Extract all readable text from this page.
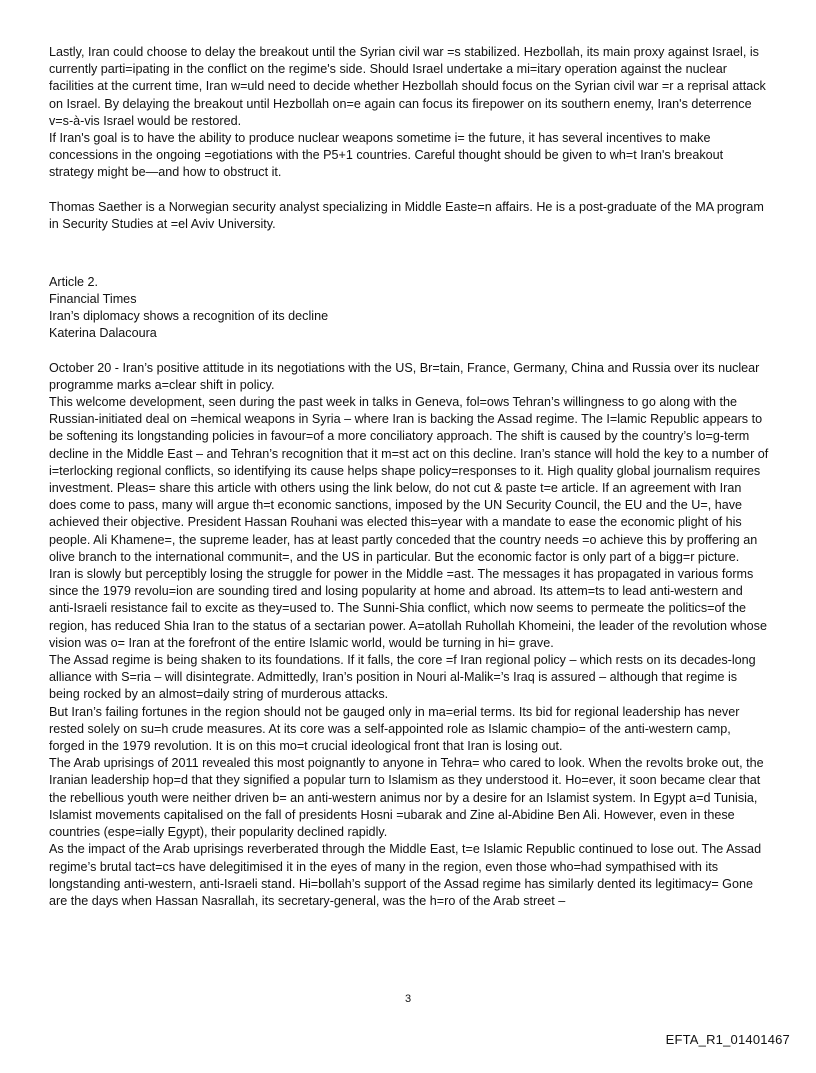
Lastly, Iran could choose to delay the breakout until the Syrian civil war =s stabilized. Hezbollah, its main proxy against Israel, is currently parti=ipating in the conflict on the regime's side. Should Israel undertake a mi=itary operation against the nuclear facilities at the current time, Iran w=uld need to decide whether Hezbollah should focus on the Syrian civil war =r a reprisal attack on Israel. By delaying the breakout until Hezbollah on=e again can focus its firepower on its southern enemy, Iran's deterrence v=s-à-vis Israel would be restored.

If Iran's goal is to have the ability to produce nuclear weapons sometime i= the future, it has several incentives to make concessions in the ongoing =egotiations with the P5+1 countries. Careful thought should be given to wh=t Iran's breakout strategy might be—and how to obstruct it.

Thomas Saether is a Norwegian security analyst specializing in Middle Easte=n affairs. He is a post-graduate of the MA program in Security Studies at =el Aviv University.

Article 2.

Financial Times

Iran’s diplomacy shows a recognition of its decline

Katerina Dalacoura

October 20 - Iran’s positive attitude in its negotiations with the US, Br=tain, France, Germany, China and Russia over its nuclear programme marks a=clear shift in policy.

This welcome development, seen during the past week in talks in Geneva, fol=ows Tehran’s willingness to go along with the Russian-initiated deal on =hemical weapons in Syria – where Iran is backing the Assad regime. The I=lamic Republic appears to be softening its longstanding policies in favour=of a more conciliatory approach. The shift is caused by the country’s lo=g-term decline in the Middle East – and Tehran’s recognition that it m=st act on this decline. Iran’s stance will hold the key to a number of i=terlocking regional conflicts, so identifying its cause helps shape policy=responses to it. High quality global journalism requires investment. Pleas= share this article with others using the link below, do not cut & paste t=e article. If an agreement with Iran does come to pass, many will argue th=t economic sanctions, imposed by the UN Security Council, the EU and the U=, have achieved their objective. President Hassan Rouhani was elected this=year with a mandate to ease the economic plight of his people. Ali Khamene=, the supreme leader, has at least partly conceded that the country needs =o achieve this by proffering an olive branch to the international communit=, and the US in particular. But the economic factor is only part of a bigg=r picture.

Iran is slowly but perceptibly losing the struggle for power in the Middle =ast. The messages it has propagated in various forms since the 1979 revolu=ion are sounding tired and losing popularity at home and abroad. Its attem=ts to lead anti-western and anti-Israeli resistance fail to excite as they=used to. The Sunni-Shia conflict, which now seems to permeate the politics=of the region, has reduced Shia Iran to the status of a sectarian power. A=atollah Ruhollah Khomeini, the leader of the revolution whose vision was o= Iran at the forefront of the entire Islamic world, would be turning in hi= grave.

The Assad regime is being shaken to its foundations. If it falls, the core =f Iran regional policy – which rests on its decades-long alliance with S=ria – will disintegrate. Admittedly, Iran’s position in Nouri al-Malik=’s Iraq is assured – although that regime is being rocked by an almost=daily string of murderous attacks.

But Iran’s failing fortunes in the region should not be gauged only in ma=erial terms. Its bid for regional leadership has never rested solely on su=h crude measures. At its core was a self-appointed role as Islamic champio= of the anti-western camp, forged in the 1979 revolution. It is on this mo=t crucial ideological front that Iran is losing out.

The Arab uprisings of 2011 revealed this most poignantly to anyone in Tehra= who cared to look. When the revolts broke out, the Iranian leadership hop=d that they signified a popular turn to Islamism as they understood it. Ho=ever, it soon became clear that the rebellious youth were neither driven b= an anti-western animus nor by a desire for an Islamist system. In Egypt a=d Tunisia, Islamist movements capitalised on the fall of presidents Hosni =ubarak and Zine al-Abidine Ben Ali. However, even in these countries (espe=ially Egypt), their popularity declined rapidly.

As the impact of the Arab uprisings reverberated through the Middle East, t=e Islamic Republic continued to lose out. The Assad regime’s brutal tact=cs have delegitimised it in the eyes of many in the region, even those who=had sympathised with its longstanding anti-western, anti-Israeli stand. Hi=bollah’s support of the Assad regime has similarly dented its legitimacy= Gone are the days when Hassan Nasrallah, its secretary-general, was the h=ro of the Arab street –

3
EFTA_R1_01401467
